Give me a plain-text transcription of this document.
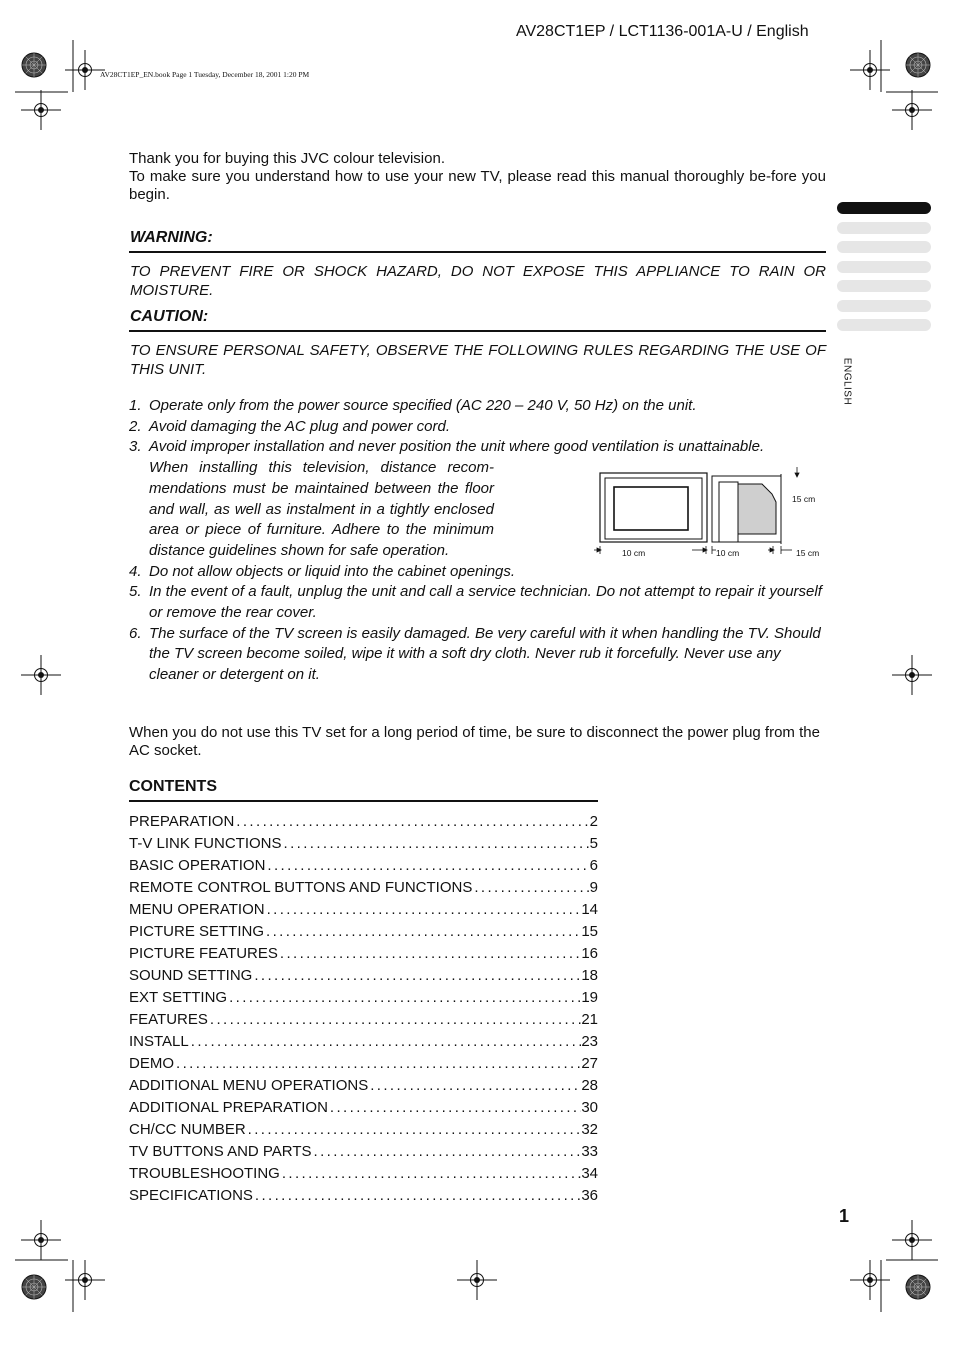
AV28CT1EP / LCT1136-001A-U / English
AV28CT1EP_EN.book Page 1 Tuesday, December 18, 2001 1:20 PM

Thank you for buying this JVC colour television.

To make sure you understand how to use your new TV, please read this manual thoroughly be-fore you begin.

WARNING:
TO PREVENT FIRE OR SHOCK HAZARD, DO NOT EXPOSE THIS APPLIANCE TO RAIN OR MOISTURE.
CAUTION:
TO ENSURE PERSONAL SAFETY, OBSERVE THE FOLLOWING RULES REGARDING THE USE OF THIS UNIT.
1. Operate only from the power source specified (AC 220 – 240 V, 50 Hz) on the unit.
2. Avoid damaging the AC plug and power cord.
3. Avoid improper installation and never position the unit where good ventilation is unattainable.
When installing this television, distance recom-mendations must be maintained between the floor and wall, as well as instalment in a tightly enclosed area or piece of furniture. Adhere to the minimum distance guidelines shown for safe operation.
4. Do not allow objects or liquid into the cabinet openings.
5. In the event of a fault, unplug the unit and call a service technician. Do not attempt to repair it yourself or remove the rear cover.
6. The surface of the TV screen is easily damaged. Be very careful with it when handling the TV. Should the TV screen become soiled, wipe it with a soft dry cloth. Never rub it forcefully. Never use any cleaner or detergent on it.
15 cm
10 cm	10 cm	15 cm
When you do not use this TV set for a long period of time, be sure to disconnect the power plug from the AC socket.
CONTENTS
PREPARATION .....	2
T-V LINK FUNCTIONS .....	5
BASIC OPERATION .....	6
REMOTE CONTROL BUTTONS AND FUNCTIONS .....	9
MENU OPERATION .....	14
PICTURE SETTING .....	15
PICTURE FEATURES .....	16
SOUND SETTING .....	18
EXT SETTING .....	19
FEATURES .....	21
INSTALL .....	23
DEMO .....	27
ADDITIONAL MENU OPERATIONS .....	28
ADDITIONAL PREPARATION .....	30
CH/CC NUMBER .....	32
TV BUTTONS AND PARTS .....	33
TROUBLESHOOTING .....	34
SPECIFICATIONS .....	36
ENGLISH
1
